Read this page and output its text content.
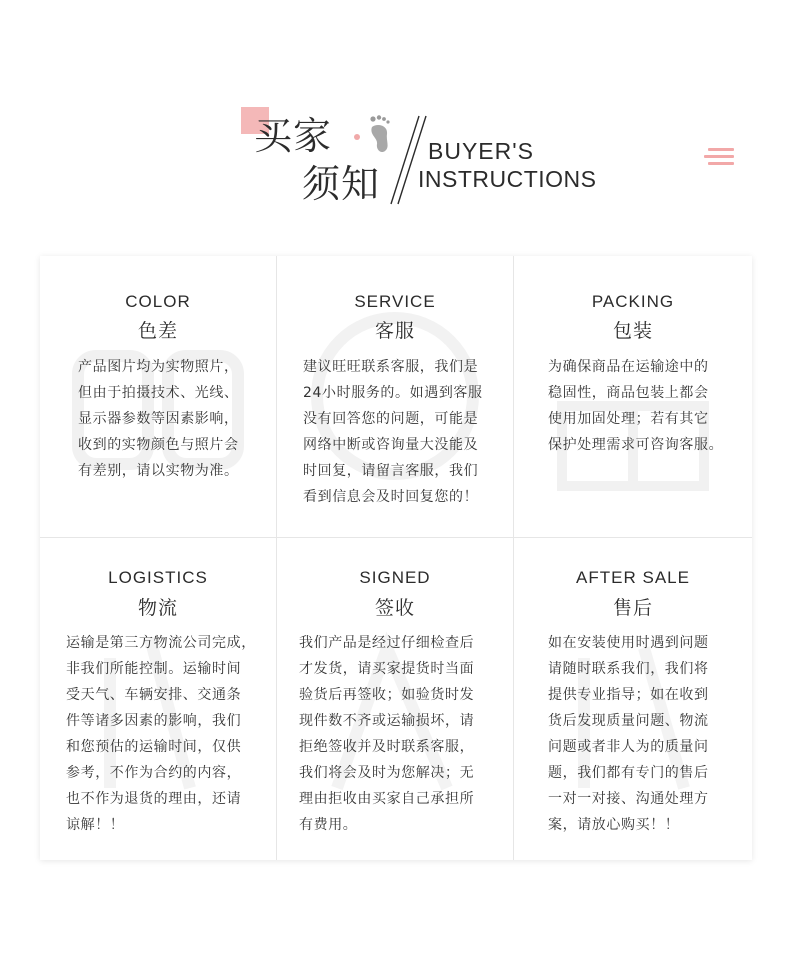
买家
须知
BUYER'S
INSTRUCTIONS
COLOR
色差
产品图片均为实物照片，
但由于拍摄技术、光线、
显示器参数等因素影响，
收到的实物颜色与照片会
有差别，请以实物为准。
SERVICE
客服
建议旺旺联系客服，我们是
24小时服务的。如遇到客服
没有回答您的问题，可能是
网络中断或咨询量大没能及
时回复，请留言客服，我们
看到信息会及时回复您的！
PACKING
包装
为确保商品在运输途中的
稳固性，商品包装上都会
使用加固处理；若有其它
保护处理需求可咨询客服。
LOGISTICS
物流
运输是第三方物流公司完成，
非我们所能控制。运输时间
受天气、车辆安排、交通条
件等诸多因素的影响，我们
和您预估的运输时间，仅供
参考，不作为合约的内容，
也不作为退货的理由，还请
谅解！！
SIGNED
签收
我们产品是经过仔细检查后
才发货，请买家提货时当面
验货后再签收；如验货时发
现件数不齐或运输损坏，请
拒绝签收并及时联系客服，
我们将会及时为您解决；无
理由拒收由买家自己承担所
有费用。
AFTER SALE
售后
如在安装使用时遇到问题
请随时联系我们，我们将
提供专业指导；如在收到
货后发现质量问题、物流
问题或者非人为的质量问
题，我们都有专门的售后
一对一对接、沟通处理方
案，请放心购买！！
